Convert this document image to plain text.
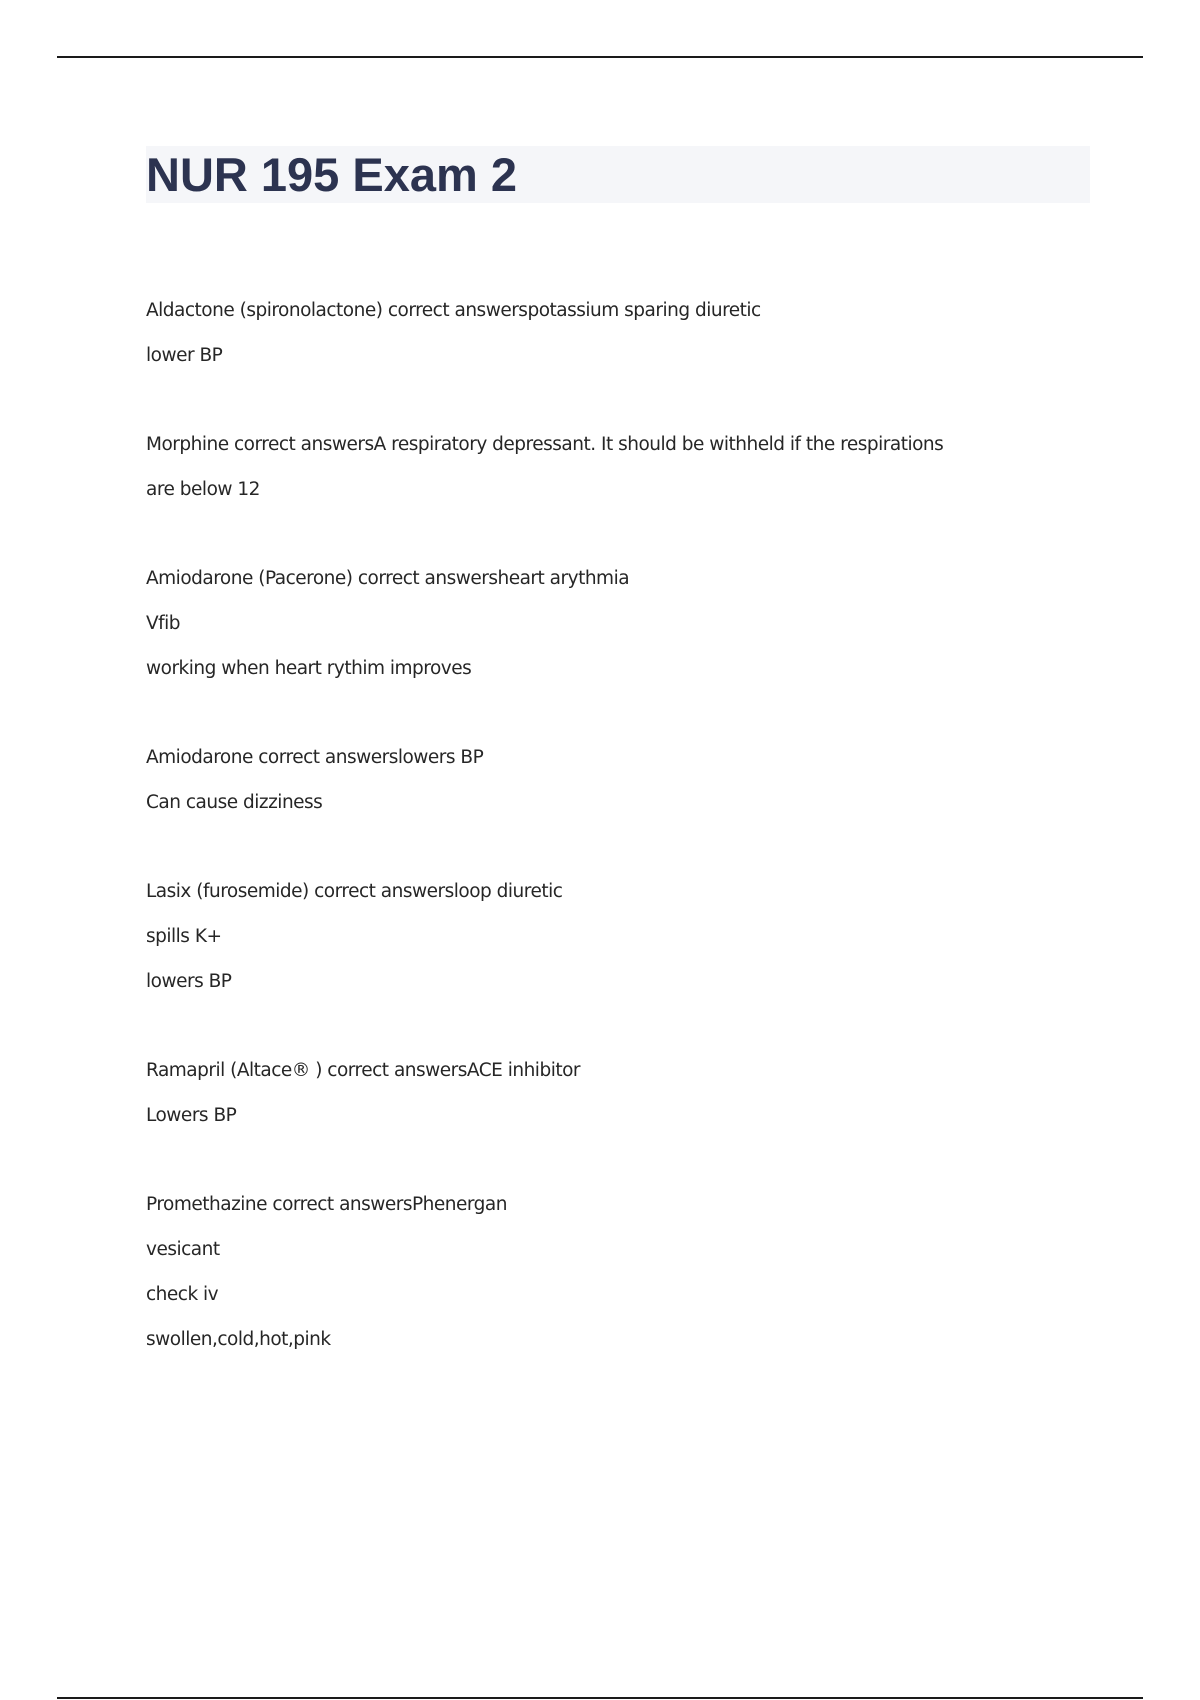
NUR 195 Exam 2
Aldactone (spironolactone) correct answerspotassium sparing diuretic
lower BP
Morphine correct answersA respiratory depressant. It should be withheld if the respirations
are below 12
Amiodarone (Pacerone) correct answersheart arythmia
Vfib
working when heart rythim improves
Amiodarone correct answerslowers BP
Can cause dizziness
Lasix (furosemide) correct answersloop diuretic
spills K+
lowers BP
Ramapril (Altace® ) correct answersACE inhibitor
Lowers BP
Promethazine correct answersPhenergan
vesicant
check iv
swollen,cold,hot,pink
